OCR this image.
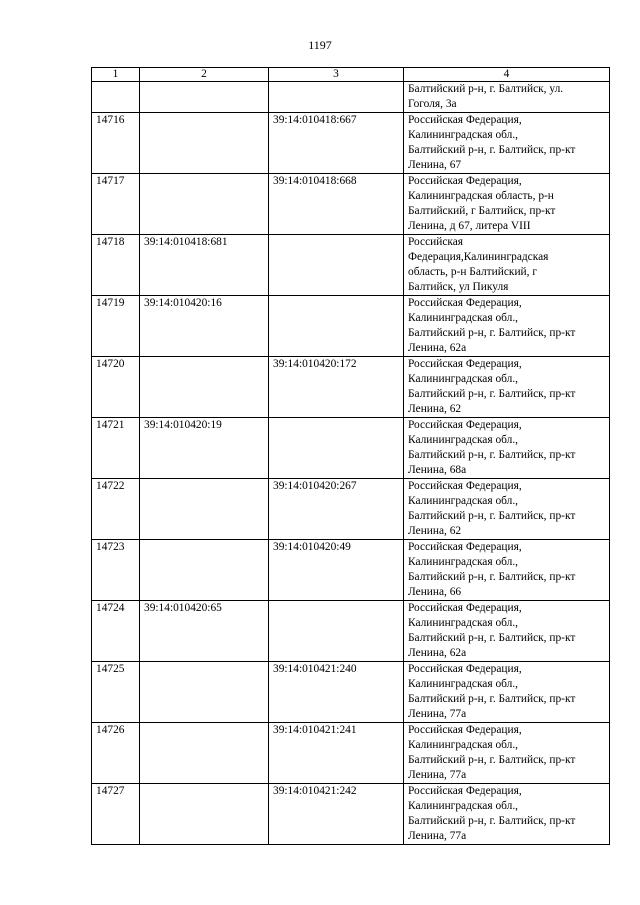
1197
1	2	3	4

			Балтийский р-н, г. Балтийск, ул.
Гоголя, 3а

14716		39:14:010418:667	Российская Федерация,
Калининградская обл.,
Балтийский р-н, г. Балтийск, пр-кт
Ленина, 67

14717		39:14:010418:668	Российская Федерация,
Калининградская область, р-н
Балтийский, г Балтийск, пр-кт
Ленина, д 67, литера VIII

14718	39:14:010418:681		Российская
Федерация,Калининградская
область, р-н Балтийский, г
Балтийск, ул Пикуля

14719	39:14:010420:16		Российская Федерация,
Калининградская обл.,
Балтийский р-н, г. Балтийск, пр-кт
Ленина, 62а

14720		39:14:010420:172	Российская Федерация,
Калининградская обл.,
Балтийский р-н, г. Балтийск, пр-кт
Ленина, 62

14721	39:14:010420:19		Российская Федерация,
Калининградская обл.,
Балтийский р-н, г. Балтийск, пр-кт
Ленина, 68а

14722		39:14:010420:267	Российская Федерация,
Калининградская обл.,
Балтийский р-н, г. Балтийск, пр-кт
Ленина, 62

14723		39:14:010420:49	Российская Федерация,
Калининградская обл.,
Балтийский р-н, г. Балтийск, пр-кт
Ленина, 66

14724	39:14:010420:65		Российская Федерация,
Калининградская обл.,
Балтийский р-н, г. Балтийск, пр-кт
Ленина, 62а

14725		39:14:010421:240	Российская Федерация,
Калининградская обл.,
Балтийский р-н, г. Балтийск, пр-кт
Ленина, 77а

14726		39:14:010421:241	Российская Федерация,
Калининградская обл.,
Балтийский р-н, г. Балтийск, пр-кт
Ленина, 77а

14727		39:14:010421:242	Российская Федерация,
Калининградская обл.,
Балтийский р-н, г. Балтийск, пр-кт
Ленина, 77а
